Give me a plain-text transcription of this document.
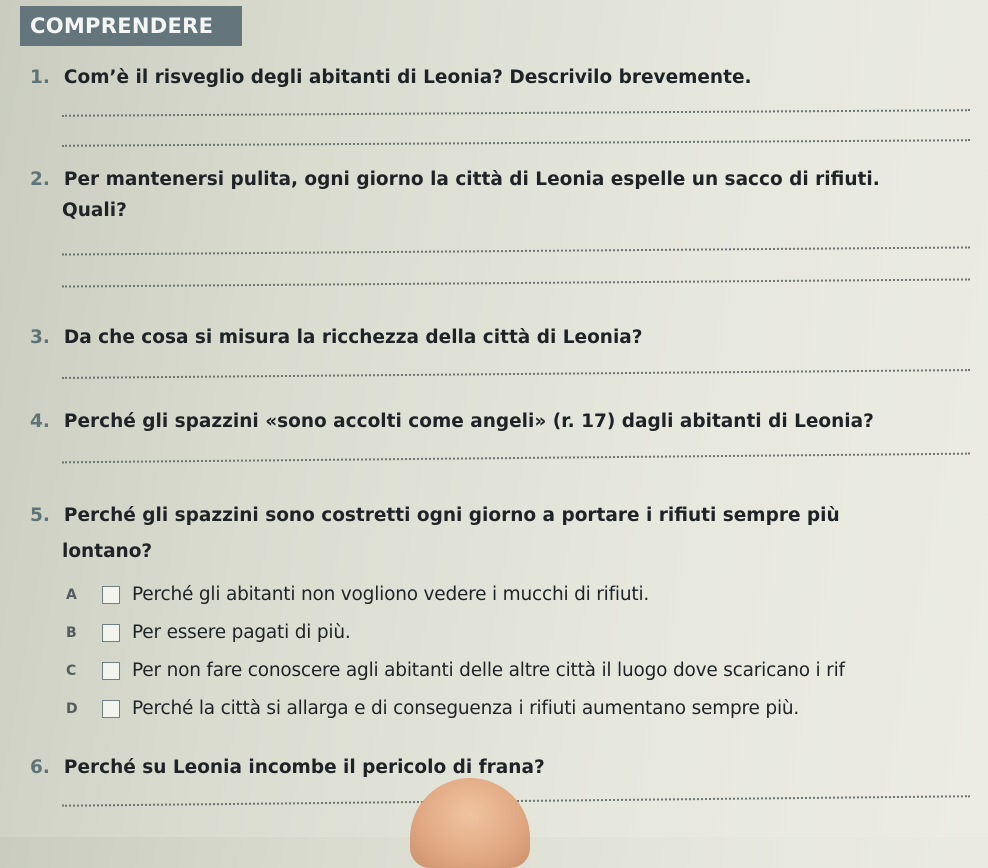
COMPRENDERE
1. Com’è il risveglio degli abitanti di Leonia? Descrivilo brevemente.
2. Per mantenersi pulita, ogni giorno la città di Leonia espelle un sacco di rifiuti.
Quali?
3. Da che cosa si misura la ricchezza della città di Leonia?
4. Perché gli spazzini «sono accolti come angeli» (r. 17) dagli abitanti di Leonia?
5. Perché gli spazzini sono costretti ogni giorno a portare i rifiuti sempre più
lontano?
A	Perché gli abitanti non vogliono vedere i mucchi di rifiuti.
B	Per essere pagati di più.
C	Per non fare conoscere agli abitanti delle altre città il luogo dove scaricano i rif
D	Perché la città si allarga e di conseguenza i rifiuti aumentano sempre più.
6. Perché su Leonia incombe il pericolo di frana?
